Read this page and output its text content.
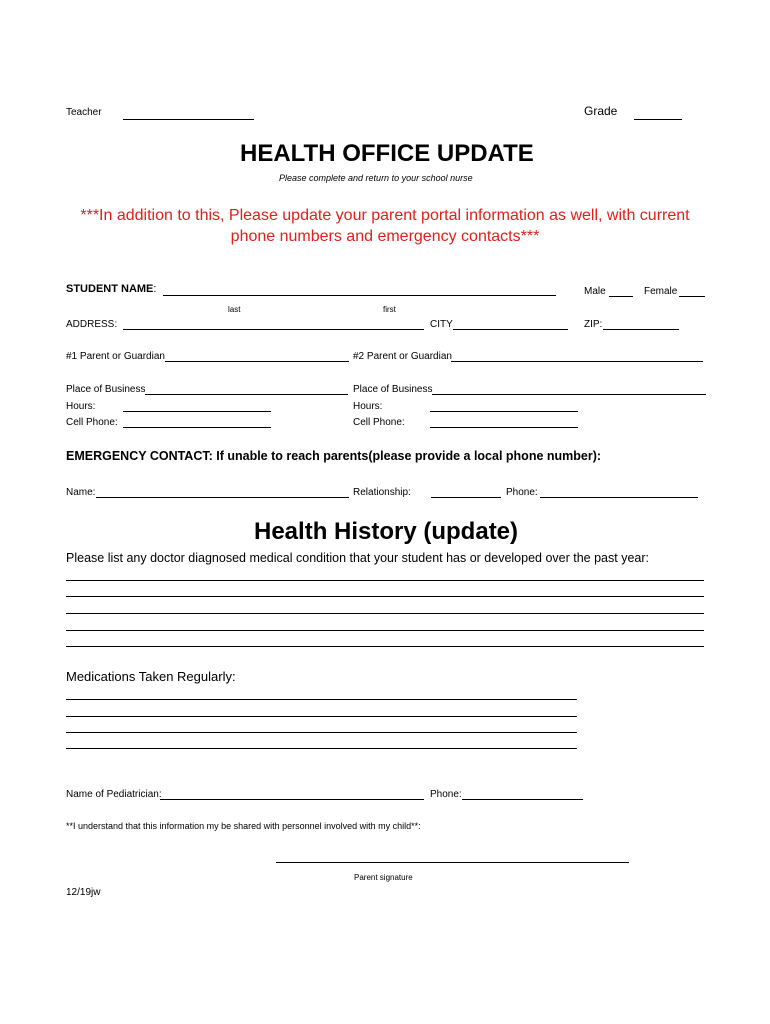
Teacher	Grade
HEALTH OFFICE UPDATE
Please complete and return to your school nurse
***In addition to this, Please update your parent portal information as well, with current phone numbers and emergency contacts***
STUDENT NAME:	Male	Female
last	first
ADDRESS:	CITY	ZIP:
#1 Parent or Guardian	#2 Parent or Guardian
Place of Business	Place of Business
Hours:	Hours:
Cell Phone:	Cell Phone:
EMERGENCY CONTACT: If unable to reach parents(please provide a local phone number):
Name:	Relationship:	Phone:
Health History (update)
Please list any doctor diagnosed medical condition that your student has or developed over the past year:
Medications Taken Regularly:
Name of Pediatrician:	Phone:
**I understand that this information my be shared with personnel involved with my child**:
Parent signature
12/19jw
